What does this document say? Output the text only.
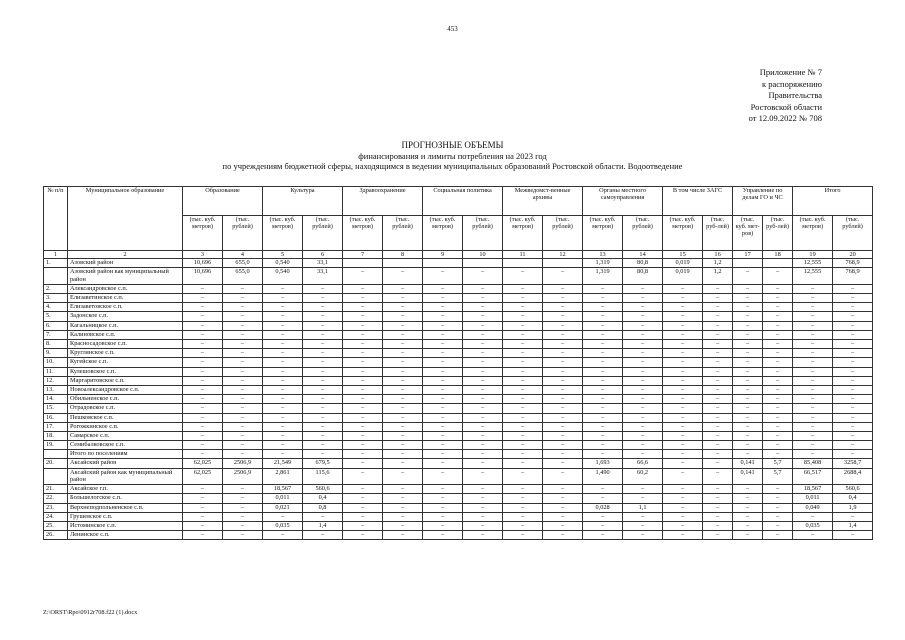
453
Приложение № 7
к распоряжению
Правительства
Ростовской области
от 12.09.2022 № 708
ПРОГНОЗНЫЕ ОБЪЕМЫ
финансирования и лимиты потребления на 2023 год
по учреждениям бюджетной сферы, находящимся в ведении муниципальных образований Ростовской области. Водоотведение
№ п/п	Муниципальное образование	Образование		Культура		Здравоохранение		Социальная политика		Межведомст-венные архивы		Органы местного самоуправления		В том числе ЗАГС		Управление по делам ГО и ЧС		Итого	
		(тыс. куб. метров)	(тыс. рублей)	(тыс. куб. метров)	(тыс. рублей)	(тыс. куб. метров)	(тыс. рублей)	(тыс. куб. метров)	(тыс. рублей)	(тыс. куб. метров)	(тыс. рублей)	(тыс. куб. метров)	(тыс. рублей)	(тыс. куб. метров)	(тыс. руб-лей)	(тыс. куб. мет-ров)	(тыс. руб-лей)	(тыс. куб. метров)	(тыс. рублей)
1	2	3	4	5	6	7	8	9	10	11	12	13	14	15	16	17	18	19	20
1.	Азовский район	10,696	655,0	0,540	33,1							1,319	80,8	0,019	1,2			12,555	768,9
	Азовский район как муниципальный район	10,696	655,0	0,540	33,1	–	–	–	–	–	–	1,319	80,8	0,019	1,2	–	–	12,555	768,9
2.	Александровское с.п.	–	–	–	–	–	–	–	–	–	–	–	–	–	–	–	–	–	–
3.	Елизаветинское с.п.	–	–	–	–	–	–	–	–	–	–	–	–	–	–	–	–	–	–
4.	Елизаветовское с.п.	–	–	–	–	–	–	–	–	–	–	–	–	–	–	–	–	–	–
5.	Задонское с.п.	–	–	–	–	–	–	–	–	–	–	–	–	–	–	–	–	–	–
6.	Кагальницкое с.п.	–	–	–	–	–	–	–	–	–	–	–	–	–	–	–	–	–	–
7.	Калиновское с.п.	–	–	–	–	–	–	–	–	–	–	–	–	–	–	–	–	–	–
8.	Красносадовское с.п.	–	–	–	–	–	–	–	–	–	–	–	–	–	–	–	–	–	–
9.	Круглянское с.п.	–	–	–	–	–	–	–	–	–	–	–	–	–	–	–	–	–	–
10.	Кугейское с.п.	–	–	–	–	–	–	–	–	–	–	–	–	–	–	–	–	–	–
11.	Кулешовское с.п.	–	–	–	–	–	–	–	–	–	–	–	–	–	–	–	–	–	–
12.	Маргаритовское с.п.	–	–	–	–	–	–	–	–	–	–	–	–	–	–	–	–	–	–
13.	Новоалександровское с.п.	–	–	–	–	–	–	–	–	–	–	–	–	–	–	–	–	–	–
14.	Обильненское с.п.	–	–	–	–	–	–	–	–	–	–	–	–	–	–	–	–	–	–
15.	Отрадовское с.п.	–	–	–	–	–	–	–	–	–	–	–	–	–	–	–	–	–	–
16.	Пешковское с.п.	–	–	–	–	–	–	–	–	–	–	–	–	–	–	–	–	–	–
17.	Рогожкинское с.п.	–	–	–	–	–	–	–	–	–	–	–	–	–	–	–	–	–	–
18.	Самарское с.п.	–	–	–	–	–	–	–	–	–	–	–	–	–	–	–	–	–	–
19.	Семибалковское с.п.	–	–	–	–	–	–	–	–	–	–	–	–	–	–	–	–	–	–
	Итого по поселениям	–	–	–	–	–	–	–	–	–	–	–	–	–	–	–	–	–	–
20.	Аксайский район	62,025	2506,9	21,549	679,5	–	–	–	–	–	–	1,693	66,6	–	–	0,141	5,7	85,408	3258,7
	Аксайский район как муниципальный район	62,025	2506,9	2,861	115,6	–	–	–	–	–	–	1,490	60,2	–	–	0,141	5,7	66,517	2688,4
21.	Аксайское г.п.	–	–	18,567	560,6	–	–	–	–	–	–	–	–	–	–	–	–	18,567	560,6
22.	Большелогское с.п.	–	–	0,011	0,4	–	–	–	–	–	–	–	–	–	–	–	–	0,011	0,4
23.	Верхнеподпольненское с.п.	–	–	0,021	0,8	–	–	–	–	–	–	0,028	1,1	–	–	–	–	0,049	1,9
24.	Грушевское с.п.	–	–	–	–	–	–	–	–	–	–	–	–	–	–	–	–	–	–
25.	Истоминское с.п.	–	–	0,035	1,4	–	–	–	–	–	–	–	–	–	–	–	–	0,035	1,4
26.	Ленинское с.п.	–	–	–	–	–	–	–	–	–	–	–	–	–	–	–	–	–	–
Z:\ORST\Rpo\0912r708.f22 (1).docx
